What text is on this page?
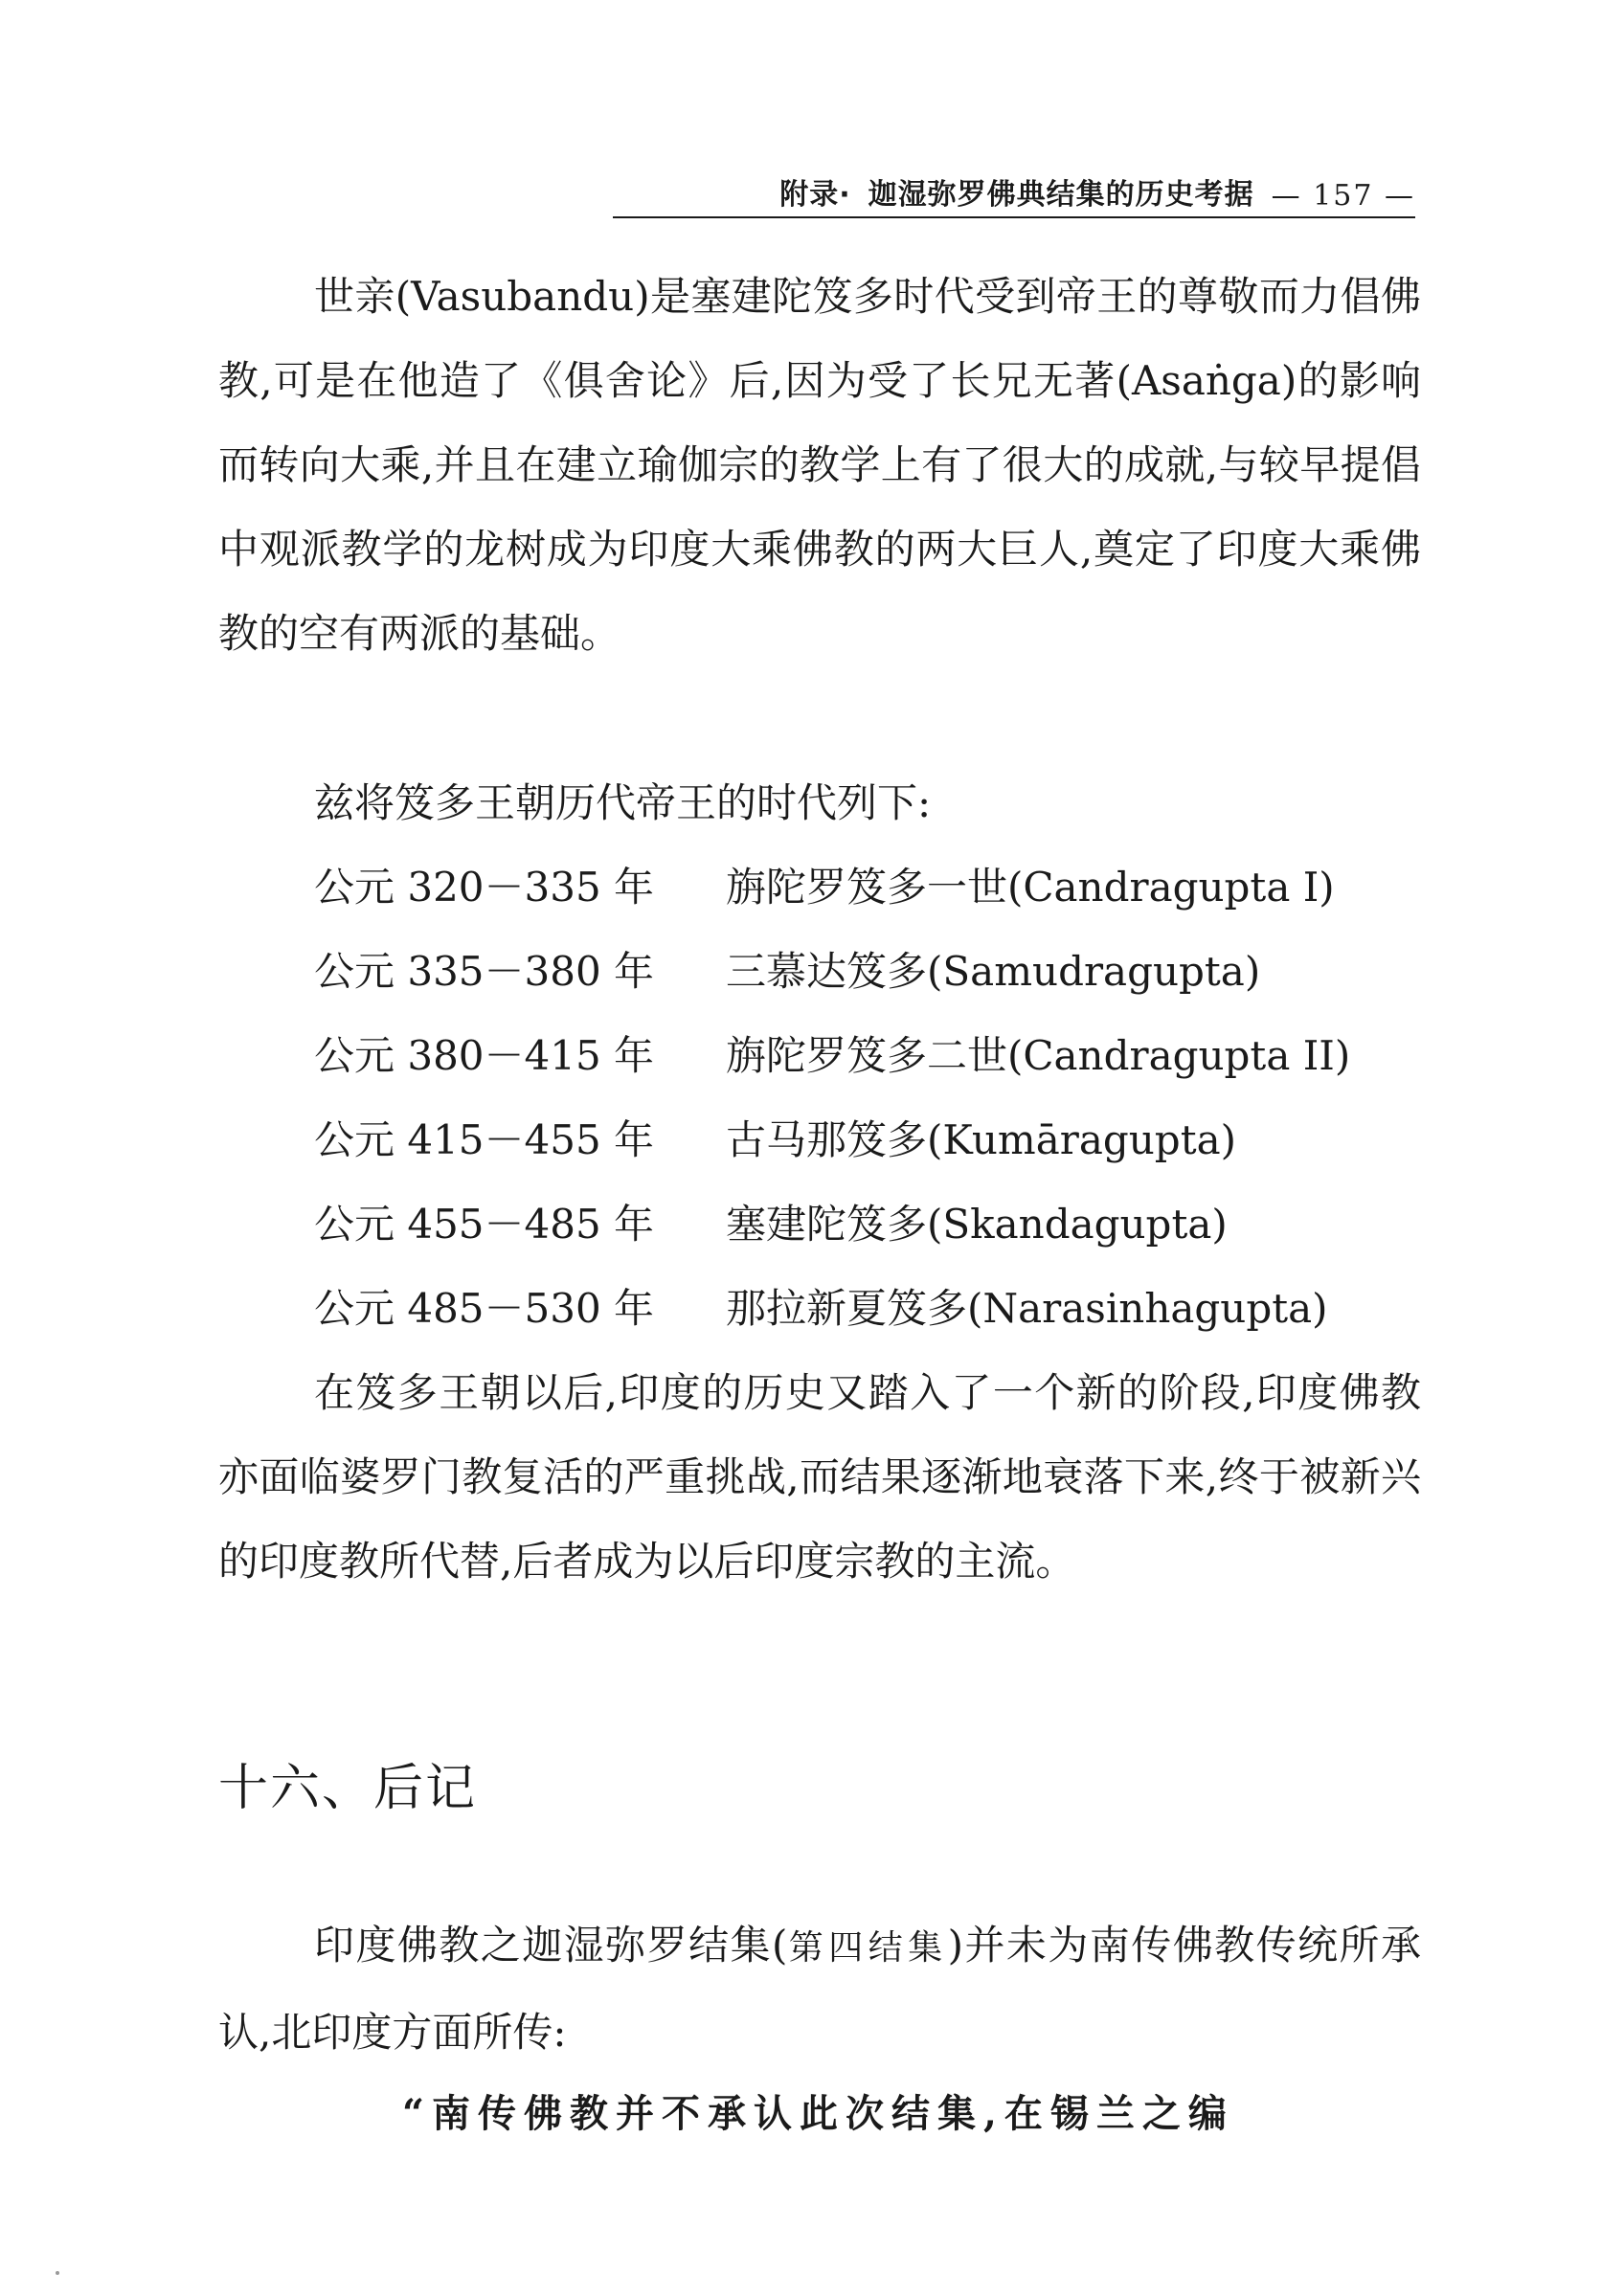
附录· 迦湿弥罗佛典结集的历史考据 — 157 —

世亲(Vasubandu)是塞建陀笈多时代受到帝王的尊敬而力倡佛教,可是在他造了《俱舍论》后,因为受了长兄无著(Asaṅga)的影响而转向大乘,并且在建立瑜伽宗的教学上有了很大的成就,与较早提倡中观派教学的龙树成为印度大乘佛教的两大巨人,奠定了印度大乘佛教的空有两派的基础。

兹将笈多王朝历代帝王的时代列下:
公元 320－335 年	旃陀罗笈多一世(Candragupta I)
公元 335－380 年	三慕达笈多(Samudragupta)
公元 380－415 年	旃陀罗笈多二世(Candragupta II)
公元 415－455 年	古马那笈多(Kumāragupta)
公元 455－485 年	塞建陀笈多(Skandagupta)
公元 485－530 年	那拉新夏笈多(Narasinhagupta)

在笈多王朝以后,印度的历史又踏入了一个新的阶段,印度佛教亦面临婆罗门教复活的严重挑战,而结果逐渐地衰落下来,终于被新兴的印度教所代替,后者成为以后印度宗教的主流。

十六、后记

印度佛教之迦湿弥罗结集(第四结集)并未为南传佛教传统所承认,北印度方面所传:

“南传佛教并不承认此次结集,在锡兰之编
